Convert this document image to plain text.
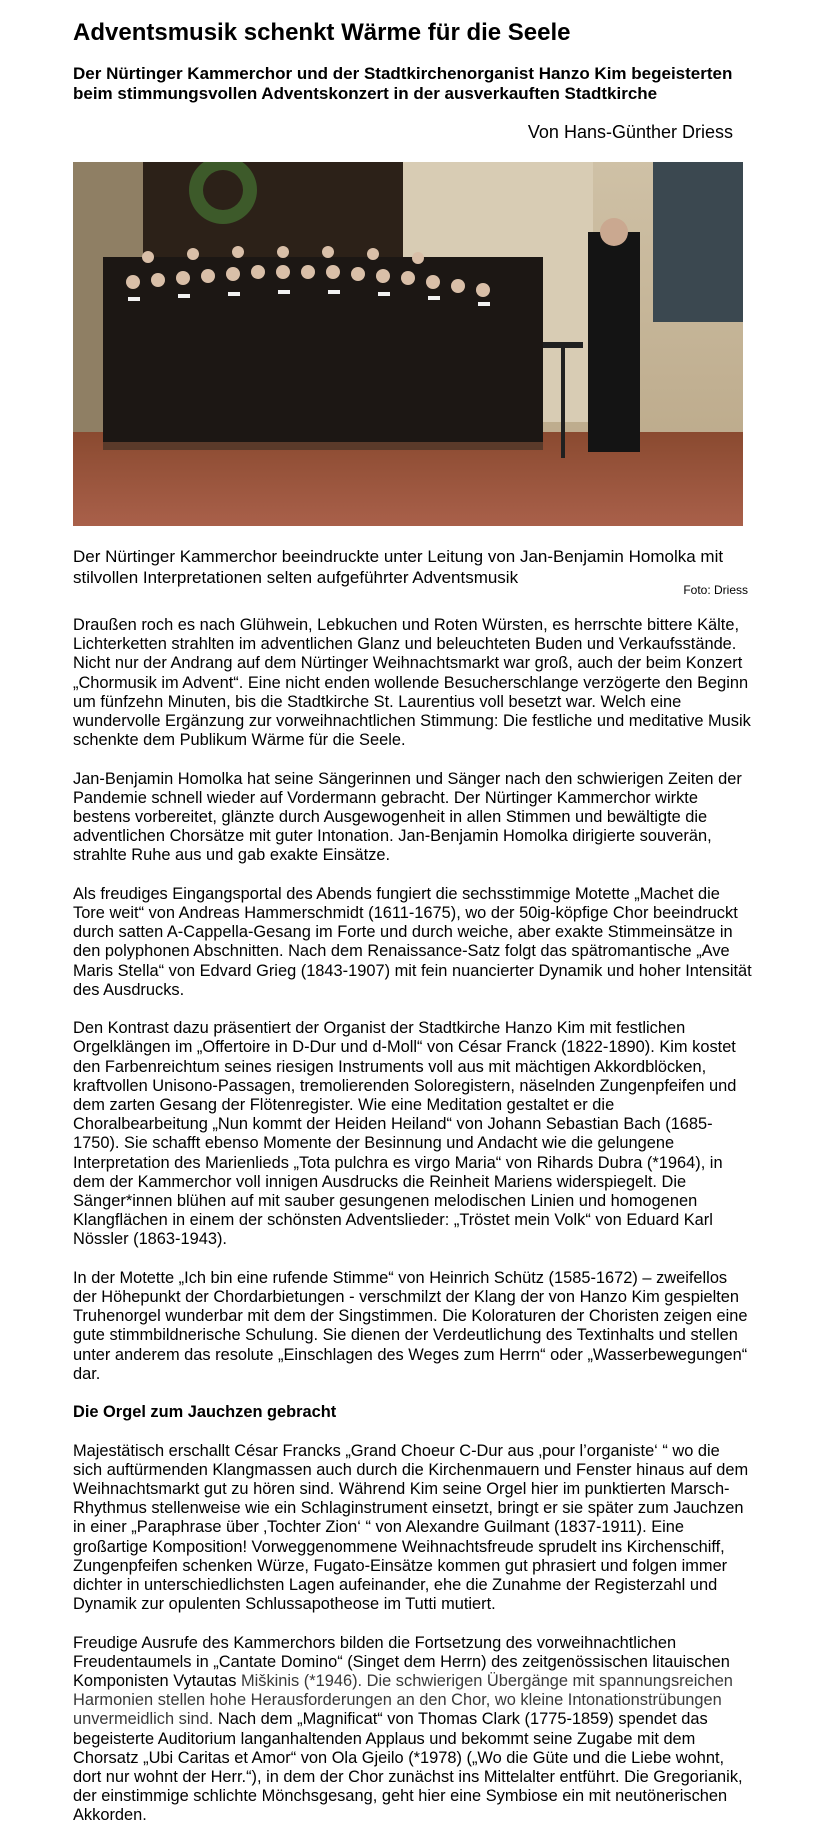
Adventsmusik schenkt Wärme für die Seele

Der Nürtinger Kammerchor und der Stadtkirchenorganist Hanzo Kim begeisterten beim stimmungsvollen Adventskonzert in der ausverkauften Stadtkirche

Von Hans-Günther Driess
Der Nürtinger Kammerchor beeindruckte unter Leitung von Jan-Benjamin Homolka mit stilvollen Interpretationen selten aufgeführter Adventsmusik
Foto: Driess

Draußen roch es nach Glühwein, Lebkuchen und Roten Würsten, es herrschte bittere Kälte, Lichterketten strahlten im adventlichen Glanz und beleuchteten Buden und Verkaufsstände. Nicht nur der Andrang auf dem Nürtinger Weihnachtsmarkt war groß, auch der beim Konzert „Chormusik im Advent“. Eine nicht enden wollende Besucherschlange verzögerte den Beginn um fünfzehn Minuten, bis die Stadtkirche St. Laurentius voll besetzt war. Welch eine wundervolle Ergänzung zur vorweihnachtlichen Stimmung: Die festliche und meditative Musik schenkte dem Publikum Wärme für die Seele.

Jan-Benjamin Homolka hat seine Sängerinnen und Sänger nach den schwierigen Zeiten der Pandemie schnell wieder auf Vordermann gebracht. Der Nürtinger Kammerchor wirkte bestens vorbereitet, glänzte durch Ausgewogenheit in allen Stimmen und bewältigte die adventlichen Chorsätze mit guter Intonation. Jan-Benjamin Homolka dirigierte souverän, strahlte Ruhe aus und gab exakte Einsätze.

Als freudiges Eingangsportal des Abends fungiert die sechsstimmige Motette „Machet die Tore weit“ von Andreas Hammerschmidt (1611-1675), wo der 50ig-köpfige Chor beeindruckt durch satten A-Cappella-Gesang im Forte und durch weiche, aber exakte Stimmeinsätze in den polyphonen Abschnitten. Nach dem Renaissance-Satz folgt das spätromantische „Ave Maris Stella“ von Edvard Grieg (1843-1907) mit fein nuancierter Dynamik und hoher Intensität des Ausdrucks.

Den Kontrast dazu präsentiert der Organist der Stadtkirche Hanzo Kim mit festlichen Orgelklängen im „Offertoire in D-Dur und d-Moll“ von César Franck (1822-1890). Kim kostet den Farbenreichtum seines riesigen Instruments voll aus mit mächtigen Akkordblöcken, kraftvollen Unisono-Passagen, tremolierenden Soloregistern, näselnden Zungenpfeifen und dem zarten Gesang der Flötenregister. Wie eine Meditation gestaltet er die Choralbearbeitung „Nun kommt der Heiden Heiland“ von Johann Sebastian Bach (1685-1750). Sie schafft ebenso Momente der Besinnung und Andacht wie die gelungene Interpretation des Marienlieds „Tota pulchra es virgo Maria“ von Rihards Dubra (*1964), in dem der Kammerchor voll innigen Ausdrucks die Reinheit Mariens widerspiegelt. Die Sänger*innen blühen auf mit sauber gesungenen melodischen Linien und homogenen Klangflächen in einem der schönsten Adventslieder: „Tröstet mein Volk“ von Eduard Karl Nössler (1863-1943).

In der Motette „Ich bin eine rufende Stimme“ von Heinrich Schütz (1585-1672) – zweifellos der Höhepunkt der Chordarbietungen - verschmilzt der Klang der von Hanzo Kim gespielten Truhenorgel wunderbar mit dem der Singstimmen. Die Koloraturen der Choristen zeigen eine gute stimmbildnerische Schulung. Sie dienen der Verdeutlichung des Textinhalts und stellen unter anderem das resolute „Einschlagen des Weges zum Herrn“ oder „Wasserbewegungen“ dar.

Die Orgel zum Jauchzen gebracht

Majestätisch erschallt César Francks „Grand Choeur C-Dur aus ‚pour l’organiste‘ “ wo die sich auftürmenden Klangmassen auch durch die Kirchenmauern und Fenster hinaus auf dem Weihnachtsmarkt gut zu hören sind. Während Kim seine Orgel hier im punktierten Marsch-Rhythmus stellenweise wie ein Schlaginstrument einsetzt, bringt er sie später zum Jauchzen in einer „Paraphrase über ‚Tochter Zion‘ “ von Alexandre Guilmant (1837-1911). Eine großartige Komposition! Vorweggenommene Weihnachtsfreude sprudelt ins Kirchenschiff, Zungenpfeifen schenken Würze, Fugato-Einsätze kommen gut phrasiert und folgen immer dichter in unterschiedlichsten Lagen aufeinander, ehe die Zunahme der Registerzahl und Dynamik zur opulenten Schlussapotheose im Tutti mutiert.

Freudige Ausrufe des Kammerchors bilden die Fortsetzung des vorweihnachtlichen Freudentaumels in „Cantate Domino“ (Singet dem Herrn) des zeitgenössischen litauischen Komponisten Vytautas Miškinis (*1946). Die schwierigen Übergänge mit spannungsreichen Harmonien stellen hohe Herausforderungen an den Chor, wo kleine Intonationstrübungen unvermeidlich sind. Nach dem „Magnificat“ von Thomas Clark (1775-1859) spendet das begeisterte Auditorium langanhaltenden Applaus und bekommt seine Zugabe mit dem Chorsatz „Ubi Caritas et Amor“ von Ola Gjeilo (*1978) („Wo die Güte und die Liebe wohnt, dort nur wohnt der Herr.“), in dem der Chor zunächst ins Mittelalter entführt. Die Gregorianik, der einstimmige schlichte Mönchsgesang, geht hier eine Symbiose ein mit neutönerischen Akkorden.
